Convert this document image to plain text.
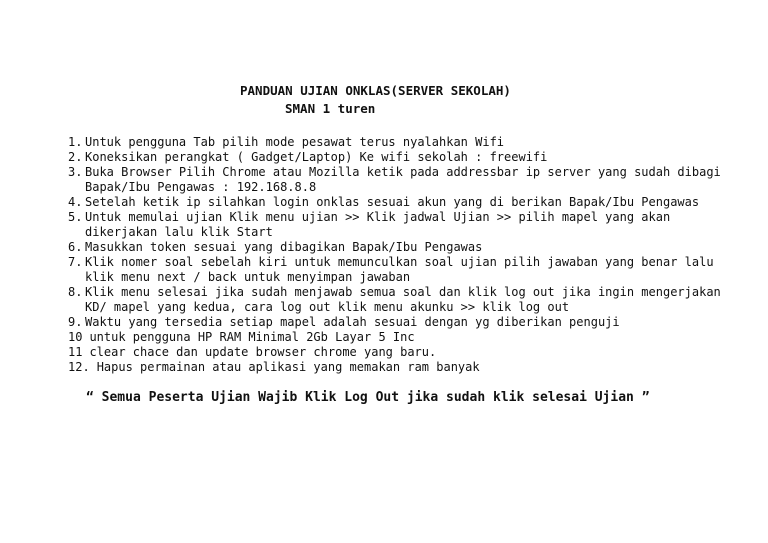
PANDUAN UJIAN ONKLAS(SERVER SEKOLAH)
SMAN 1 turen
1. Untuk pengguna Tab pilih mode pesawat terus nyalahkan Wifi
2. Koneksikan perangkat ( Gadget/Laptop) Ke wifi sekolah : freewifi
3. Buka Browser Pilih Chrome atau Mozilla ketik pada addressbar ip server yang sudah dibagi
Bapak/Ibu Pengawas : 192.168.8.8
4. Setelah ketik ip silahkan login onklas sesuai akun yang di berikan Bapak/Ibu Pengawas
5. Untuk memulai ujian Klik menu ujian >> Klik jadwal Ujian >> pilih mapel yang akan
dikerjakan lalu klik Start
6. Masukkan token sesuai yang dibagikan Bapak/Ibu Pengawas
7. Klik nomer soal sebelah kiri untuk memunculkan soal ujian pilih jawaban yang benar lalu
klik menu next / back untuk menyimpan jawaban
8. Klik menu selesai jika sudah menjawab semua soal dan klik log out jika ingin mengerjakan
KD/ mapel yang kedua, cara log out klik menu akunku >> klik log out
9. Waktu yang tersedia setiap mapel adalah sesuai dengan yg diberikan penguji
10 untuk pengguna HP RAM Minimal 2Gb Layar 5 Inc
11 clear chace dan update browser chrome yang baru.
12. Hapus permainan atau aplikasi yang memakan ram banyak
“ Semua Peserta Ujian Wajib Klik Log Out jika sudah klik selesai Ujian ”
